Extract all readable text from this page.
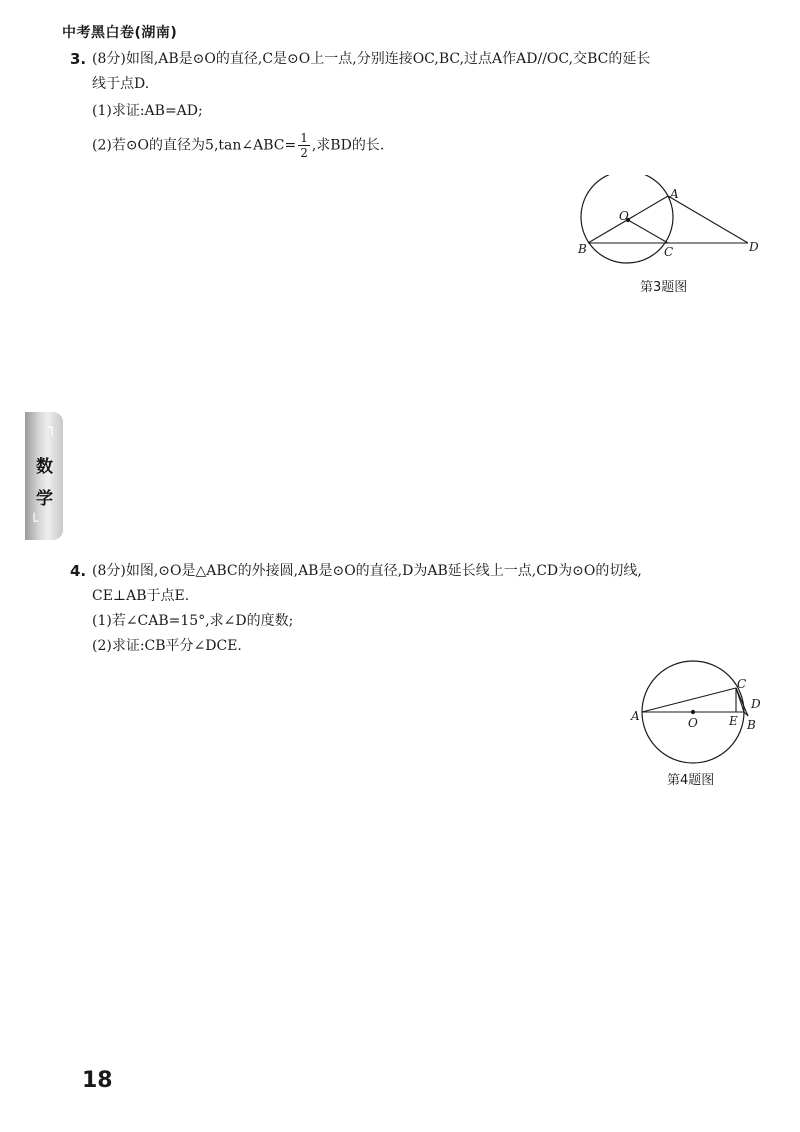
中考黑白卷(湖南)
3. (8分)如图,AB是⊙O的直径,C是⊙O上一点,分别连接OC,BC,过点A作AD//OC,交BC的延长
线于点D.
(1)求证:AB=AD;
(2)若⊙O的直径为5,tan∠ABC= $\frac{1}{2}$ ,求BD的长.
A
O
B	C	D
第3题图
┐
数
学
└
4. (8分)如图,⊙O是△ABC的外接圆,AB是⊙O的直径,D为AB延长线上一点,CD为⊙O的切线,
CE⊥AB于点E.
(1)若∠CAB=15°,求∠D的度数;
(2)求证:CB平分∠DCE.
A	O	E B
C
D
第4题图
18
